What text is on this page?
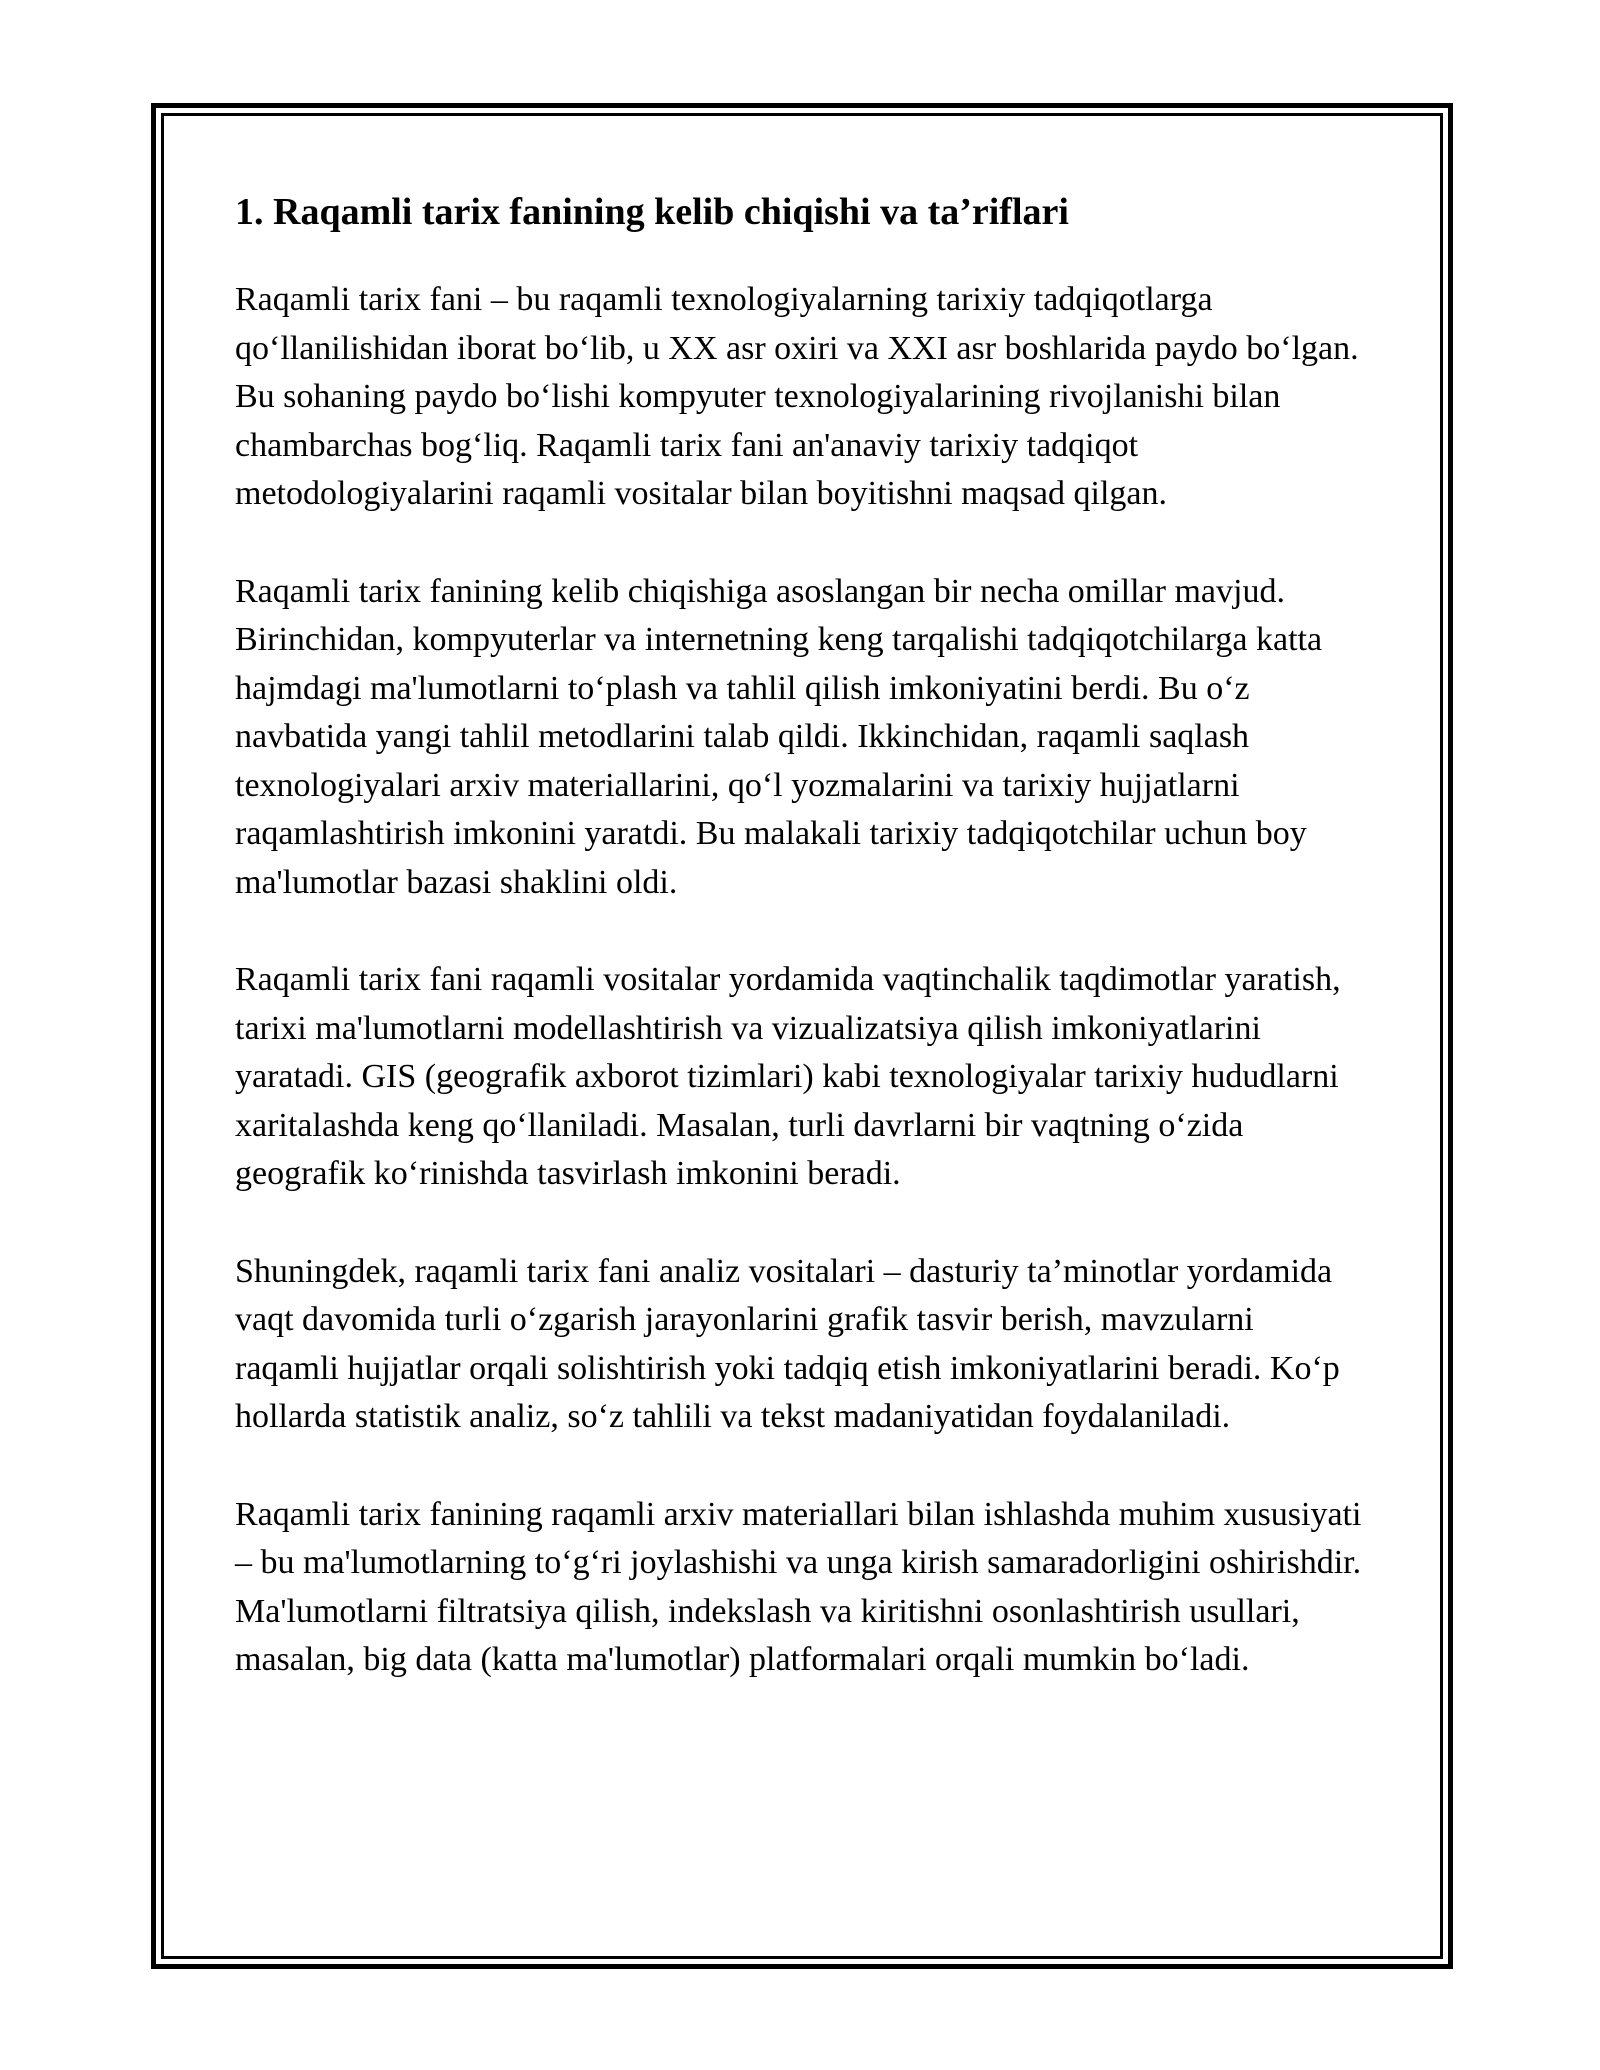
1. Raqamli tarix fanining kelib chiqishi va ta’riflari

Raqamli tarix fani – bu raqamli texnologiyalarning tarixiy tadqiqotlarga qo‘llanilishidan iborat bo‘lib, u XX asr oxiri va XXI asr boshlarida paydo bo‘lgan. Bu sohaning paydo bo‘lishi kompyuter texnologiyalarining rivojlanishi bilan chambarchas bog‘liq. Raqamli tarix fani an'anaviy tarixiy tadqiqot metodologiyalarini raqamli vositalar bilan boyitishni maqsad qilgan.

Raqamli tarix fanining kelib chiqishiga asoslangan bir necha omillar mavjud. Birinchidan, kompyuterlar va internetning keng tarqalishi tadqiqotchilarga katta hajmdagi ma'lumotlarni to‘plash va tahlil qilish imkoniyatini berdi. Bu o‘z navbatida yangi tahlil metodlarini talab qildi. Ikkinchidan, raqamli saqlash texnologiyalari arxiv materiallarini, qo‘l yozmalarini va tarixiy hujjatlarni raqamlashtirish imkonini yaratdi. Bu malakali tarixiy tadqiqotchilar uchun boy ma'lumotlar bazasi shaklini oldi.

Raqamli tarix fani raqamli vositalar yordamida vaqtinchalik taqdimotlar yaratish, tarixi ma'lumotlarni modellashtirish va vizualizatsiya qilish imkoniyatlarini yaratadi. GIS (geografik axborot tizimlari) kabi texnologiyalar tarixiy hududlarni xaritalashda keng qo‘llaniladi. Masalan, turli davrlarni bir vaqtning o‘zida geografik ko‘rinishda tasvirlash imkonini beradi.

Shuningdek, raqamli tarix fani analiz vositalari – dasturiy ta’minotlar yordamida vaqt davomida turli o‘zgarish jarayonlarini grafik tasvir berish, mavzularni raqamli hujjatlar orqali solishtirish yoki tadqiq etish imkoniyatlarini beradi. Ko‘p hollarda statistik analiz, so‘z tahlili va tekst madaniyatidan foydalaniladi.

Raqamli tarix fanining raqamli arxiv materiallari bilan ishlashda muhim xususiyati – bu ma'lumotlarning to‘g‘ri joylashishi va unga kirish samaradorligini oshirishdir. Ma'lumotlarni filtratsiya qilish, indekslash va kiritishni osonlashtirish usullari, masalan, big data (katta ma'lumotlar) platformalari orqali mumkin bo‘ladi.
